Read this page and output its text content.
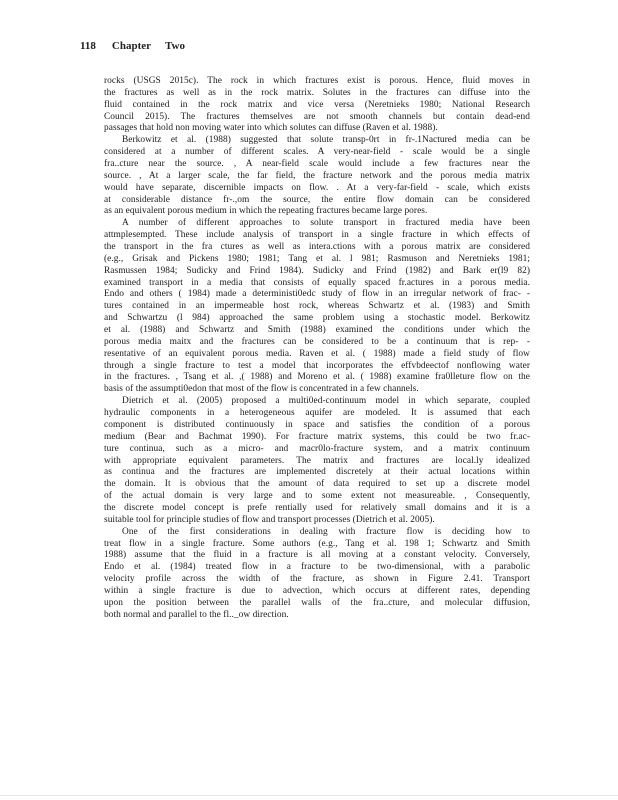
118 Chapter Two
rocks (USGS 2015c). The rock in which fractures exist is porous. Hence, fluid moves in
the fractures as well as in the rock matrix. Solutes in the fractures can diffuse into the
fluid contained in the rock matrix and vice versa (Neretnieks 1980; National Research
Council 2015). The fractures themselves are not smooth channels but contain dead-end
passages that hold non moving water into which solutes can diffuse (Raven et al. 1988).
Berkowitz et al. (1988) suggested that solute transp-0rt in fr-.1Nactured media can be
considered at a number of different scales. A very-near-field - scale would be a single
fra..cture near the source. , A near-field scale would include a few fractures near the
source. , At a larger scale, the far field, the fracture network and the porous media matrix
would have separate, discernible impacts on flow. . At a very-far-field - scale, which exists
at considerable distance fr-.,om the source, the entire flow domain can be considered
as an equivalent porous medium in which the repeating fractures became large pores.
A number of different approaches to solute transport in fractured media have been
attmplesempted. These include analysis of transport in a single fracture in which effects of
the transport in the fra ctures as well as intera.ctions with a porous matrix are considered
(e.g., Grisak and Pickens 1980; 1981; Tang et al. l 981; Rasmuson and Neretnieks 1981;
Rasmussen 1984; Sudicky and Frind 1984). Sudicky and Frind (1982) and Bark er(l9 82)
examined transport in a media that consists of equally spaced fr.actures in a porous media.
Endo and others ( 1984) made a deterministi0edc study of flow in an irregular network of frac- -
tures contained in an impermeable host rock, whereas Schwartz et al. (1983) and Smith
and Schwartzu (l 984) approached the same problem using a stochastic model. Berkowitz
et al. (1988) and Schwartz and Smith (1988) examined the conditions under which the
porous media maitx and the fractures can be considered to be a continuum that is rep- -
resentative of an equivalent porous media. Raven et al. ( 1988) made a field study of flow
through a single fracture to test a model that incorporates the effvbdeectof nonflowing water
in the fractures. , Tsang et al. ,( 1988) and Moreno et al. ( 1988) examine fra0lleture flow on the
basis of the assumpti0edon that most of the flow is concentrated in a few channels.
Dietrich et al. (2005) proposed a multi0ed-continuum model in which separate, coupled
hydraulic components in a heterogeneous aquifer are modeled. It is assumed that each
component is distributed continuously in space and satisfies the condition of a porous
medium (Bear and Bachmat 1990). For fracture matrix systems, this could be two fr.ac-
ture continua, such as a micro- and macr0lo-fracture system, and a matrix continuum
with appropriate equivalent parameters. The matrix and fractures are local.ly idealized
as continua and the fractures are implemented discretely at their actual locations within
the domain. It is obvious that the amount of data required to set up a discrete model
of the actual domain is very large and to some extent not measureable. , Consequently,
the discrete model concept is prefe rentially used for relatively small domains and it is a
suitable tool for principle studies of flow and transport processes (Dietrich et al. 2005).
One of the first considerations in dealing with fracture flow is deciding how to
treat flow in a single fracture. Some authors (e.g., Tang et al. 198 1; Schwartz and Smith
1988) assume that the fluid in a fracture is all moving at a constant velocity. Conversely,
Endo et al. (1984) treated flow in a fracture to be two-dimensional, with a parabolic
velocity profile across the width of the fracture, as shown in Figure 2.41. Transport
within a single fracture is due to advection, which occurs at different rates, depending
upon the position between the parallel walls of the fra..cture, and molecular diffusion,
both normal and parallel to the fl.._ow direction.
